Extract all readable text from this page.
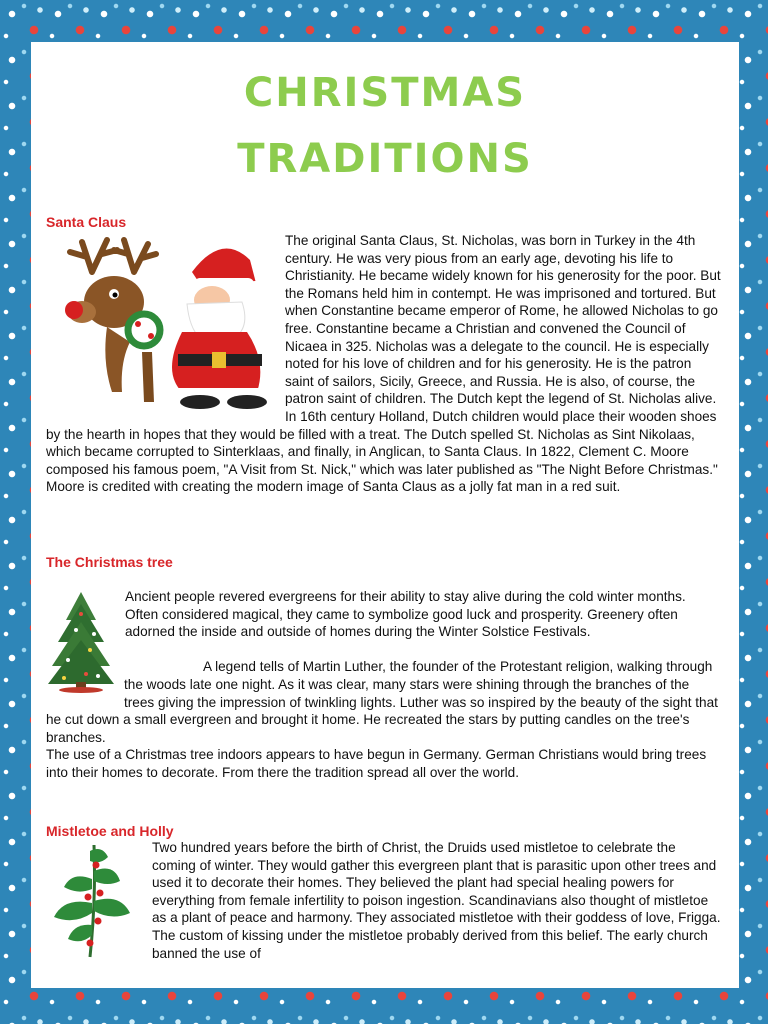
CHRISTMAS
TRADITIONS
Santa Claus

The original Santa Claus, St. Nicholas, was born in Turkey in the 4th century. He was very pious from an early age, devoting his life to Christianity. He became widely known for his generosity for the poor. But the Romans held him in contempt. He was imprisoned and tortured. But when Constantine became emperor of Rome, he allowed Nicholas to go free. Constantine became a Christian and convened the Council of Nicaea in 325. Nicholas was a delegate to the council. He is especially noted for his love of children and for his generosity. He is the patron saint of sailors, Sicily, Greece, and Russia. He is also, of course, the patron saint of children. The Dutch kept the legend of St. Nicholas alive. In 16th century Holland, Dutch children would place their wooden shoes by the hearth in hopes that they would be filled with a treat. The Dutch spelled St. Nicholas as Sint Nikolaas, which became corrupted to Sinterklaas, and finally, in Anglican, to Santa Claus. In 1822, Clement C. Moore composed his famous poem, "A Visit from St. Nick," which was later published as "The Night Before Christmas." Moore is credited with creating the modern image of Santa Claus as a jolly fat man in a red suit.

The Christmas tree

Ancient people revered evergreens for their ability to stay alive during the cold winter months. Often considered magical, they came to symbolize good luck and prosperity. Greenery often adorned the inside and outside of homes during the Winter Solstice Festivals.

A legend tells of Martin Luther, the founder of the Protestant religion, walking through the woods late one night. As it was clear, many stars were shining through the branches of the trees giving the impression of twinkling lights. Luther was so inspired by the beauty of the sight that he cut down a small evergreen and brought it home. He recreated the stars by putting candles on the tree's branches.

The use of a Christmas tree indoors appears to have begun in Germany. German Christians would bring trees into their homes to decorate. From there the tradition spread all over the world.

Mistletoe and Holly

Two hundred years before the birth of Christ, the Druids used mistletoe to celebrate the coming of winter. They would gather this evergreen plant that is parasitic upon other trees and used it to decorate their homes. They believed the plant had special healing powers for everything from female infertility to poison ingestion. Scandinavians also thought of mistletoe as a plant of peace and harmony. They associated mistletoe with their goddess of love, Frigga. The custom of kissing under the mistletoe probably derived from this belief. The early church banned the use of
